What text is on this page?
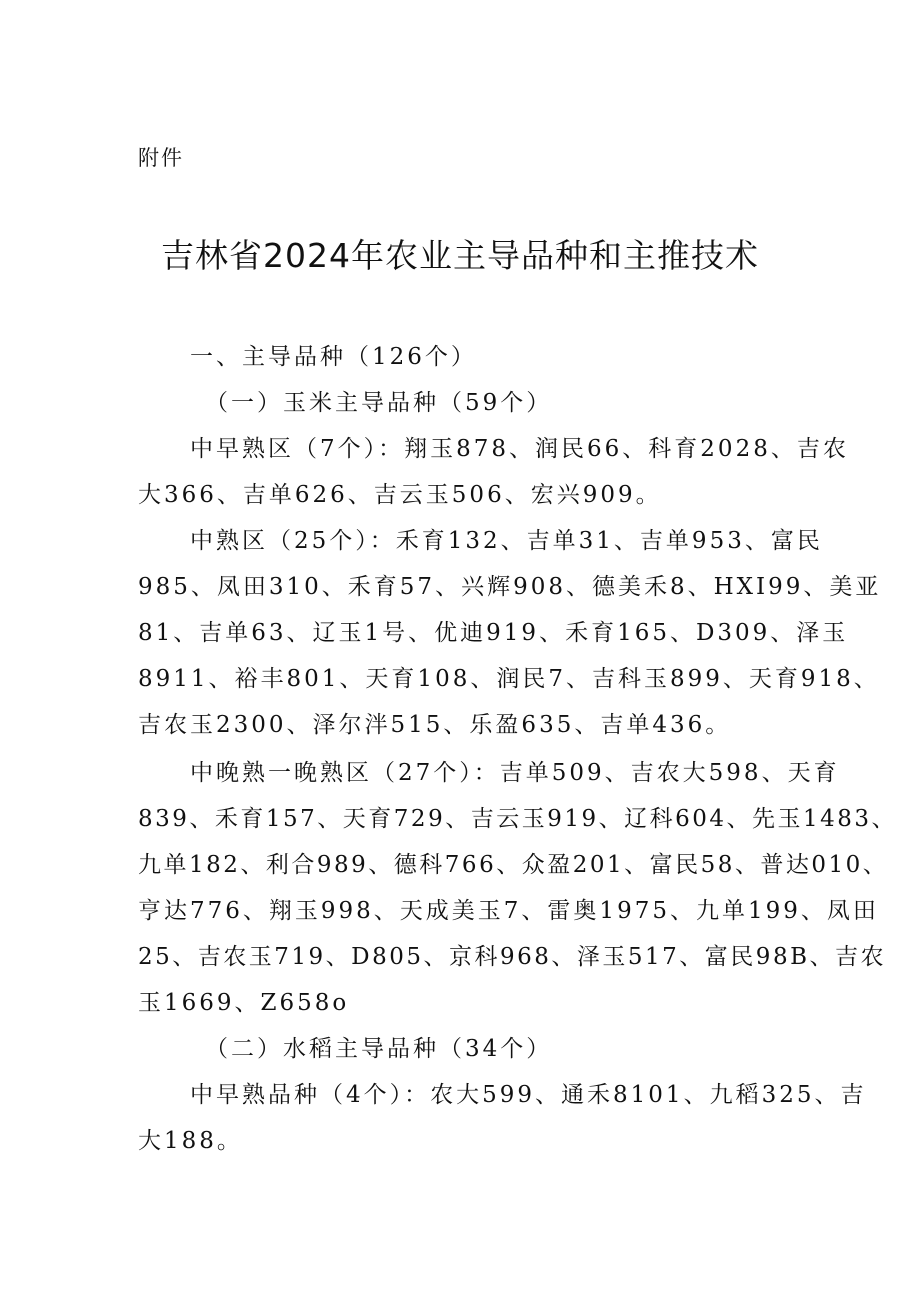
附件
吉林省2024年农业主导品种和主推技术
一、主导品种（126个）
（一）玉米主导品种（59个）
中早熟区（7个）：翔玉878、润民66、科育2028、吉农
大366、吉单626、吉云玉506、宏兴909。
中熟区（25个）：禾育132、吉单31、吉单953、富民
985、凤田310、禾育57、兴辉908、德美禾8、HXI99、美亚
81、吉单63、辽玉1号、优迪919、禾育165、D309、泽玉
8911、裕丰801、天育108、润民7、吉科玉899、天育918、
吉农玉2300、泽尔泮515、乐盈635、吉单436。
中晚熟一晚熟区（27个）：吉单509、吉农大598、天育
839、禾育157、天育729、吉云玉919、辽科604、先玉1483、
九单182、利合989、德科766、众盈201、富民58、普达010、
亨达776、翔玉998、天成美玉7、雷奥1975、九单199、凤田
25、吉农玉719、D805、京科968、泽玉517、富民98B、吉农
玉1669、Z658o
（二）水稻主导品种（34个）
中早熟品种（4个）：农大599、通禾8101、九稻325、吉
大188。
